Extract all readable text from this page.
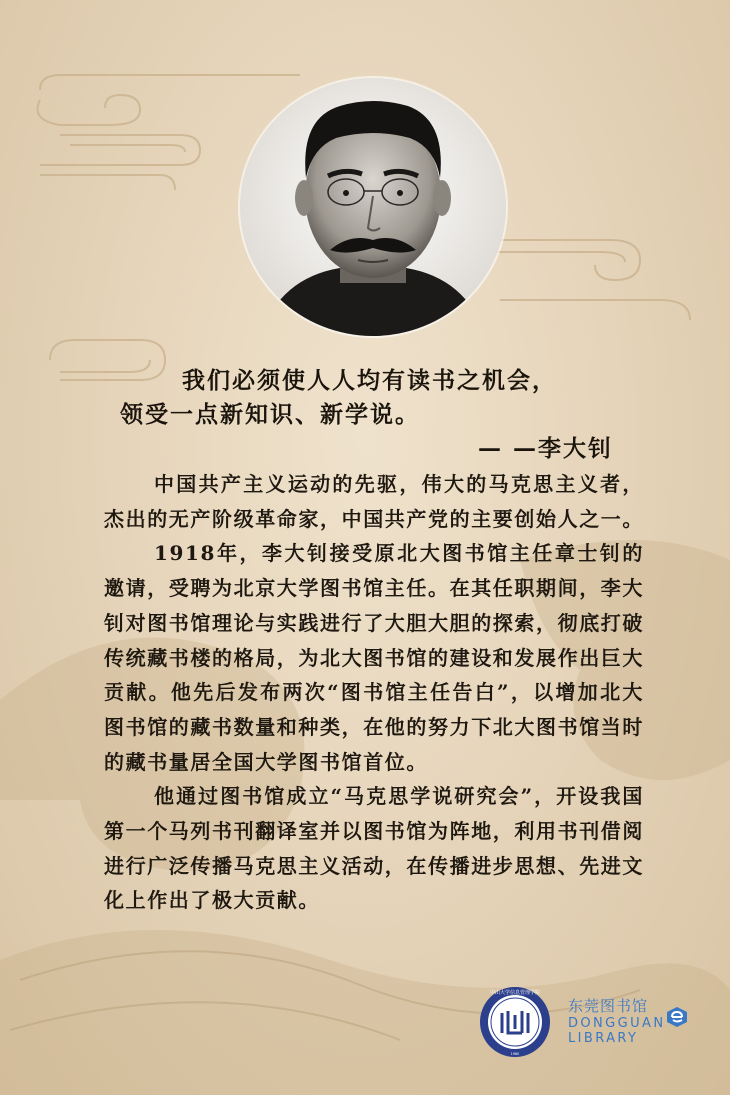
我们必须使人人均有读书之机会，
领受一点新知识、新学说。
— —李大钊

中国共产主义运动的先驱，伟大的马克思主义者，杰出的无产阶级革命家，中国共产党的主要创始人之一。

1918年，李大钊接受原北大图书馆主任章士钊的邀请，受聘为北京大学图书馆主任。在其任职期间，李大钊对图书馆理论与实践进行了大胆大胆的探索，彻底打破传统藏书楼的格局，为北大图书馆的建设和发展作出巨大贡献。他先后发布两次“图书馆主任告白”，以增加北大图书馆的藏书数量和种类，在他的努力下北大图书馆当时的藏书量居全国大学图书馆首位。

他通过图书馆成立“马克思学说研究会”，开设我国第一个马列书刊翻译室并以图书馆为阵地，利用书刊借阅进行广泛传播马克思主义活动，在传播进步思想、先进文化上作出了极大贡献。

中山大学信息管理学院
1980
东莞图书馆
DONGGUAN
LIBRARY
